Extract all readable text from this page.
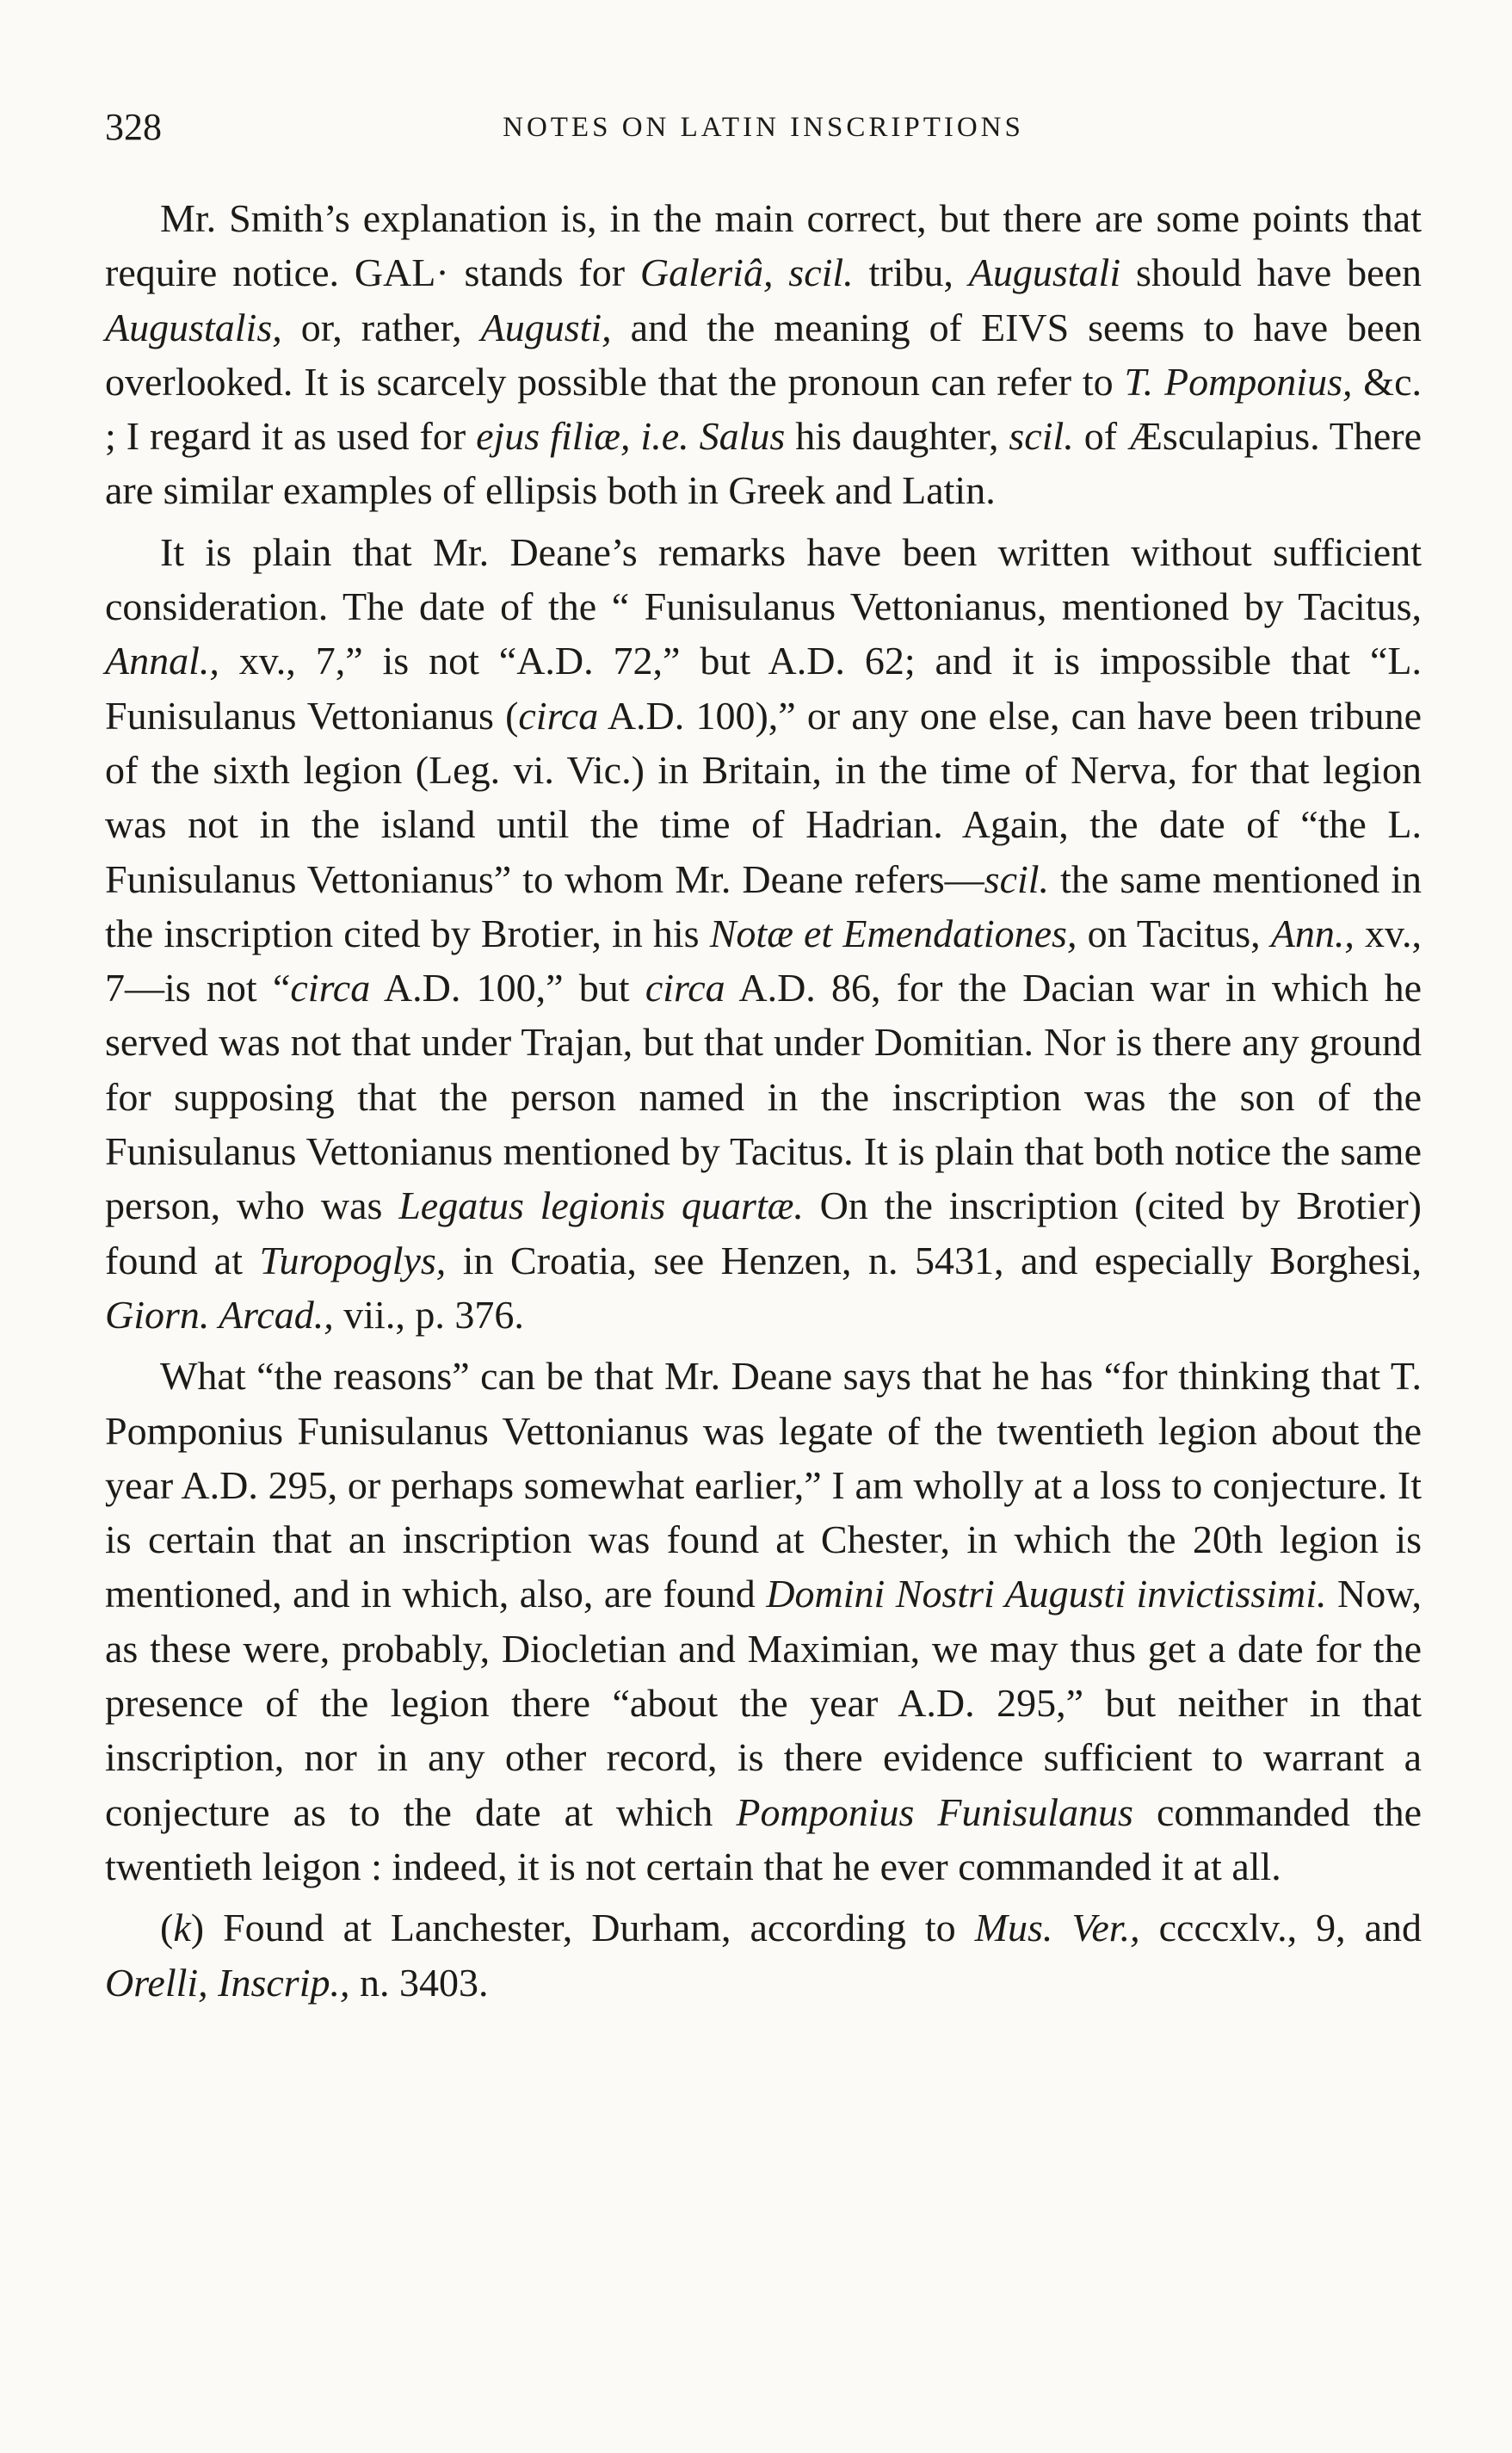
328	NOTES ON LATIN INSCRIPTIONS

Mr. Smith’s explanation is, in the main correct, but there are some points that require notice. GAL· stands for Galeriâ, scil. tribu, Augustali should have been Augustalis, or, rather, Augusti, and the meaning of EIVS seems to have been overlooked. It is scarcely possible that the pronoun can refer to T. Pomponius, &c. ; I regard it as used for ejus filiæ, i.e. Salus his daughter, scil. of Æsculapius. There are similar examples of ellipsis both in Greek and Latin.

It is plain that Mr. Deane’s remarks have been written without sufficient consideration. The date of the “ Funisulanus Vettonianus, mentioned by Tacitus, Annal., xv., 7,” is not “A.D. 72,” but A.D. 62; and it is impossible that “L. Funisulanus Vettonianus (circa A.D. 100),” or any one else, can have been tribune of the sixth legion (Leg. vi. Vic.) in Britain, in the time of Nerva, for that legion was not in the island until the time of Hadrian. Again, the date of “the L. Funisulanus Vettonianus” to whom Mr. Deane refers—scil. the same mentioned in the inscription cited by Brotier, in his Notæ et Emendationes, on Tacitus, Ann., xv., 7—is not “circa A.D. 100,” but circa A.D. 86, for the Dacian war in which he served was not that under Trajan, but that under Domitian. Nor is there any ground for supposing that the person named in the inscription was the son of the Funisulanus Vettonianus mentioned by Tacitus. It is plain that both notice the same person, who was Legatus legionis quartæ. On the inscription (cited by Brotier) found at Turopoglys, in Croatia, see Henzen, n. 5431, and especially Borghesi, Giorn. Arcad., vii., p. 376.

What “the reasons” can be that Mr. Deane says that he has “for thinking that T. Pomponius Funisulanus Vettonianus was legate of the twentieth legion about the year A.D. 295, or perhaps somewhat earlier,” I am wholly at a loss to conjecture. It is certain that an inscription was found at Chester, in which the 20th legion is mentioned, and in which, also, are found Domini Nostri Augusti invictissimi. Now, as these were, probably, Diocletian and Maximian, we may thus get a date for the presence of the legion there “about the year A.D. 295,” but neither in that inscription, nor in any other record, is there evidence sufficient to warrant a conjecture as to the date at which Pomponius Funisulanus commanded the twentieth leigon : indeed, it is not certain that he ever commanded it at all.

(k) Found at Lanchester, Durham, according to Mus. Ver., ccccxlv., 9, and Orelli, Inscrip., n. 3403.
